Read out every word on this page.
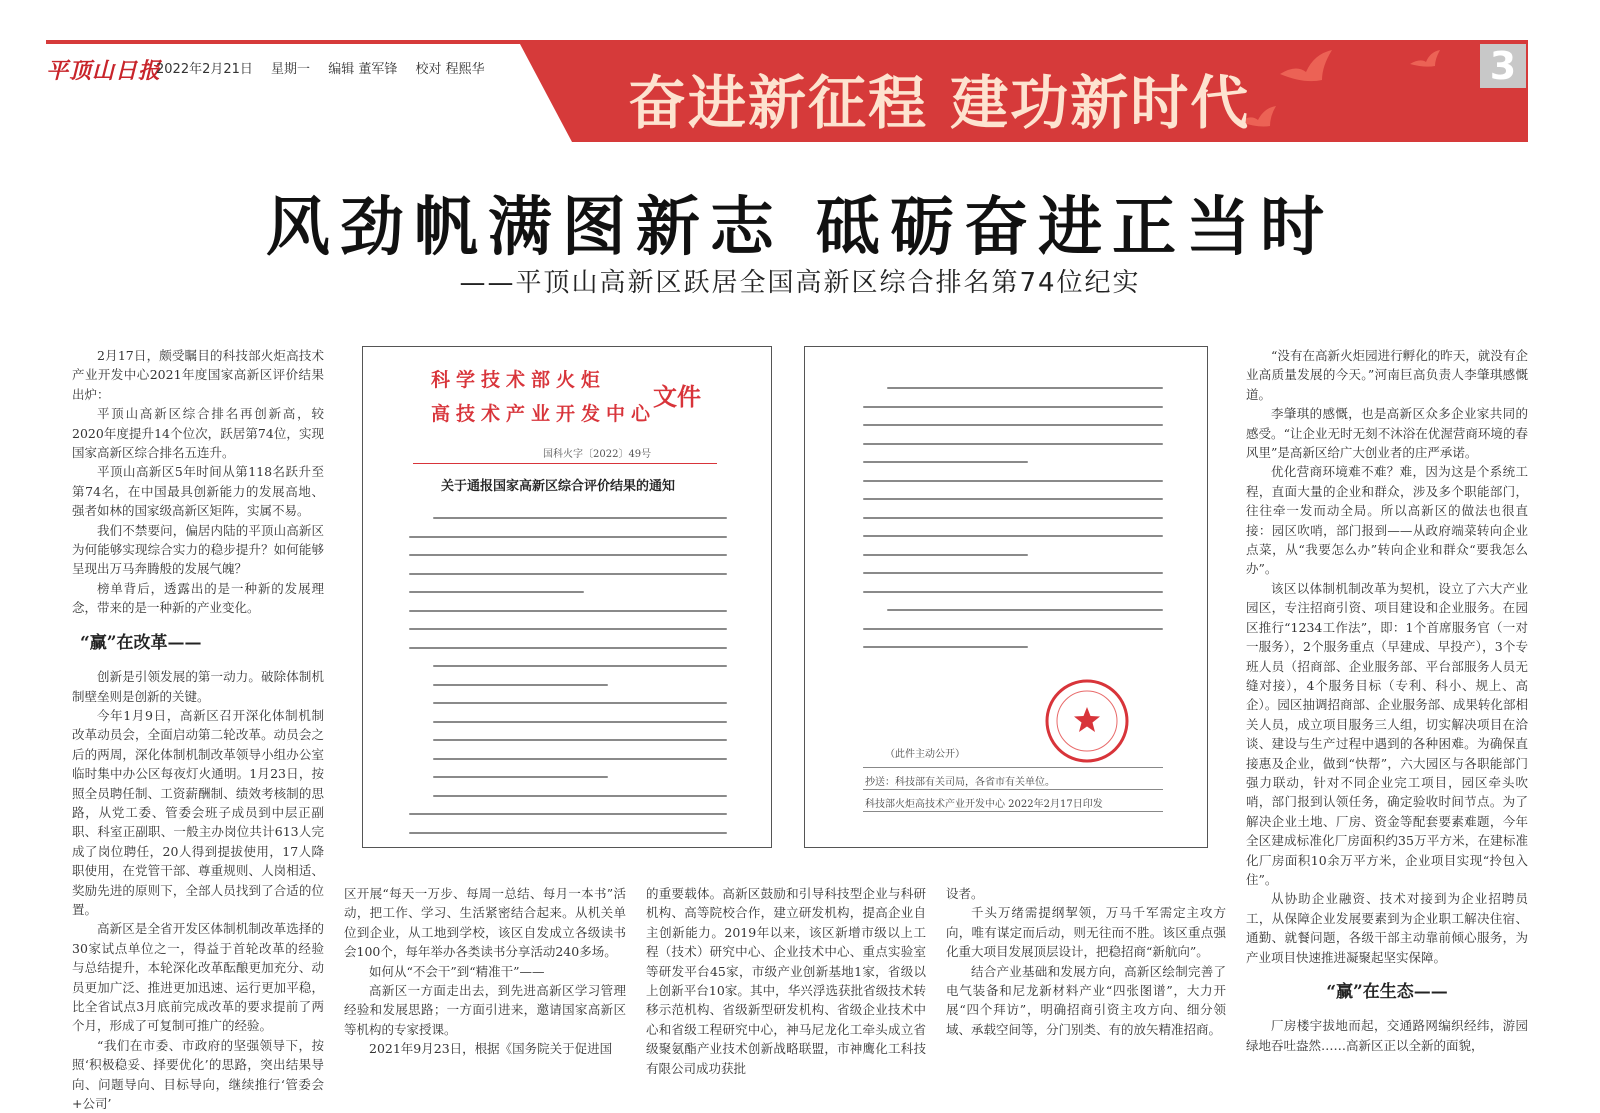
平顶山日报
2022年2月21日 星期一 编辑 董军锋 校对 程熙华 奋进新征程 建功新时代
3
风劲帆满图新志 砥砺奋进正当时
——平顶山高新区跃居全国高新区综合排名第74位纪实

2月17日，颇受瞩目的科技部火炬高技术产业开发中心2021年度国家高新区评价结果出炉：

平顶山高新区综合排名再创新高，较2020年度提升14个位次，跃居第74位，实现国家高新区综合排名五连升。

平顶山高新区5年时间从第118名跃升至第74名，在中国最具创新能力的发展高地、强者如林的国家级高新区矩阵，实属不易。

我们不禁要问，偏居内陆的平顶山高新区为何能够实现综合实力的稳步提升？如何能够呈现出万马奔腾般的发展气魄？

榜单背后，透露出的是一种新的发展理念，带来的是一种新的产业变化。

“赢”在改革——

创新是引领发展的第一动力。破除体制机制壁垒则是创新的关键。

今年1月9日，高新区召开深化体制机制改革动员会，全面启动第二轮改革。动员会之后的两周，深化体制机制改革领导小组办公室临时集中办公区每夜灯火通明。1月23日，按照全员聘任制、工资薪酬制、绩效考核制的思路，从党工委、管委会班子成员到中层正副职、科室正副职、一般主办岗位共计613人完成了岗位聘任，20人得到提拔使用，17人降职使用，在党管干部、尊重规则、人岗相适、奖励先进的原则下，全部人员找到了合适的位置。

高新区是全省开发区体制机制改革选择的30家试点单位之一，得益于首轮改革的经验与总结提升，本轮深化改革酝酿更加充分、动员更加广泛、推进更加迅速、运行更加平稳，比全省试点3月底前完成改革的要求提前了两个月，形成了可复制可推广的经验。

“我们在市委、市政府的坚强领导下，按照‘积极稳妥、择要优化’的思路，突出结果导向、问题导向、目标导向，继续推行‘管委会+公司’

区开展“每天一万步、每周一总结、每月一本书”活动，把工作、学习、生活紧密结合起来。从机关单位到企业，从工地到学校，该区自发成立各级读书会100个，每年举办各类读书分享活动240多场。

如何从“不会干”到“精准干”——

高新区一方面走出去，到先进高新区学习管理经验和发展思路；一方面引进来，邀请国家高新区等机构的专家授课。

2021年9月23日，根据《国务院关于促进国

的重要载体。高新区鼓励和引导科技型企业与科研机构、高等院校合作，建立研发机构，提高企业自主创新能力。2019年以来，该区新增市级以上工程（技术）研究中心、企业技术中心、重点实验室等研发平台45家，市级产业创新基地1家，省级以上创新平台10家。其中，华兴浮选获批省级技术转移示范机构、省级新型研发机构、省级企业技术中心和省级工程研究中心，神马尼龙化工牵头成立省级聚氨酯产业技术创新战略联盟，市神鹰化工科技有限公司成功获批

设者。

千头万绪需提纲挈领，万马千军需定主攻方向，唯有谋定而后动，则无往而不胜。该区重点强化重大项目发展顶层设计，把稳招商“新航向”。

结合产业基础和发展方向，高新区绘制完善了电气装备和尼龙新材料产业“四张图谱”，大力开展“四个拜访”，明确招商引资主攻方向、细分领域、承载空间等，分门别类、有的放矢精准招商。

“没有在高新火炬园进行孵化的昨天，就没有企业高质量发展的今天。”河南巨高负责人李肇琪感慨道。

李肇琪的感慨，也是高新区众多企业家共同的感受。“让企业无时无刻不沐浴在优渥营商环境的春风里”是高新区给广大创业者的庄严承诺。

优化营商环境难不难？难，因为这是个系统工程，直面大量的企业和群众，涉及多个职能部门，往往牵一发而动全局。所以高新区的做法也很直接：园区吹哨，部门报到——从政府端菜转向企业点菜，从“我要怎么办”转向企业和群众“要我怎么办”。

该区以体制机制改革为契机，设立了六大产业园区，专注招商引资、项目建设和企业服务。在园区推行“1234工作法”，即：1个首席服务官（一对一服务），2个服务重点（早建成、早投产），3个专班人员（招商部、企业服务部、平台部服务人员无缝对接），4个服务目标（专利、科小、规上、高企）。园区抽调招商部、企业服务部、成果转化部相关人员，成立项目服务三人组，切实解决项目在洽谈、建设与生产过程中遇到的各种困难。为确保直接惠及企业，做到“快帮”，六大园区与各职能部门强力联动，针对不同企业完工项目，园区牵头吹哨，部门报到认领任务，确定验收时间节点。为了解决企业土地、厂房、资金等配套要素难题，今年全区建成标准化厂房面积约35万平方米，在建标准化厂房面积10余万平方米，企业项目实现“拎包入住”。

从协助企业融资、技术对接到为企业招聘员工，从保障企业发展要素到为企业职工解决住宿、通勤、就餐问题，各级干部主动靠前倾心服务，为产业项目快速推进凝聚起坚实保障。

“赢”在生态——

厂房楼宇拔地而起，交通路网编织经纬，游园绿地吞吐盎然……高新区正以全新的面貌，

科学技术部火炬
高技术产业开发中心
文件
国科火字〔2022〕49号
关于通报国家高新区综合评价结果的通知
（此件主动公开）
抄送：科技部有关司局，各省市有关单位。
科技部火炬高技术产业开发中心 2022年2月17日印发
